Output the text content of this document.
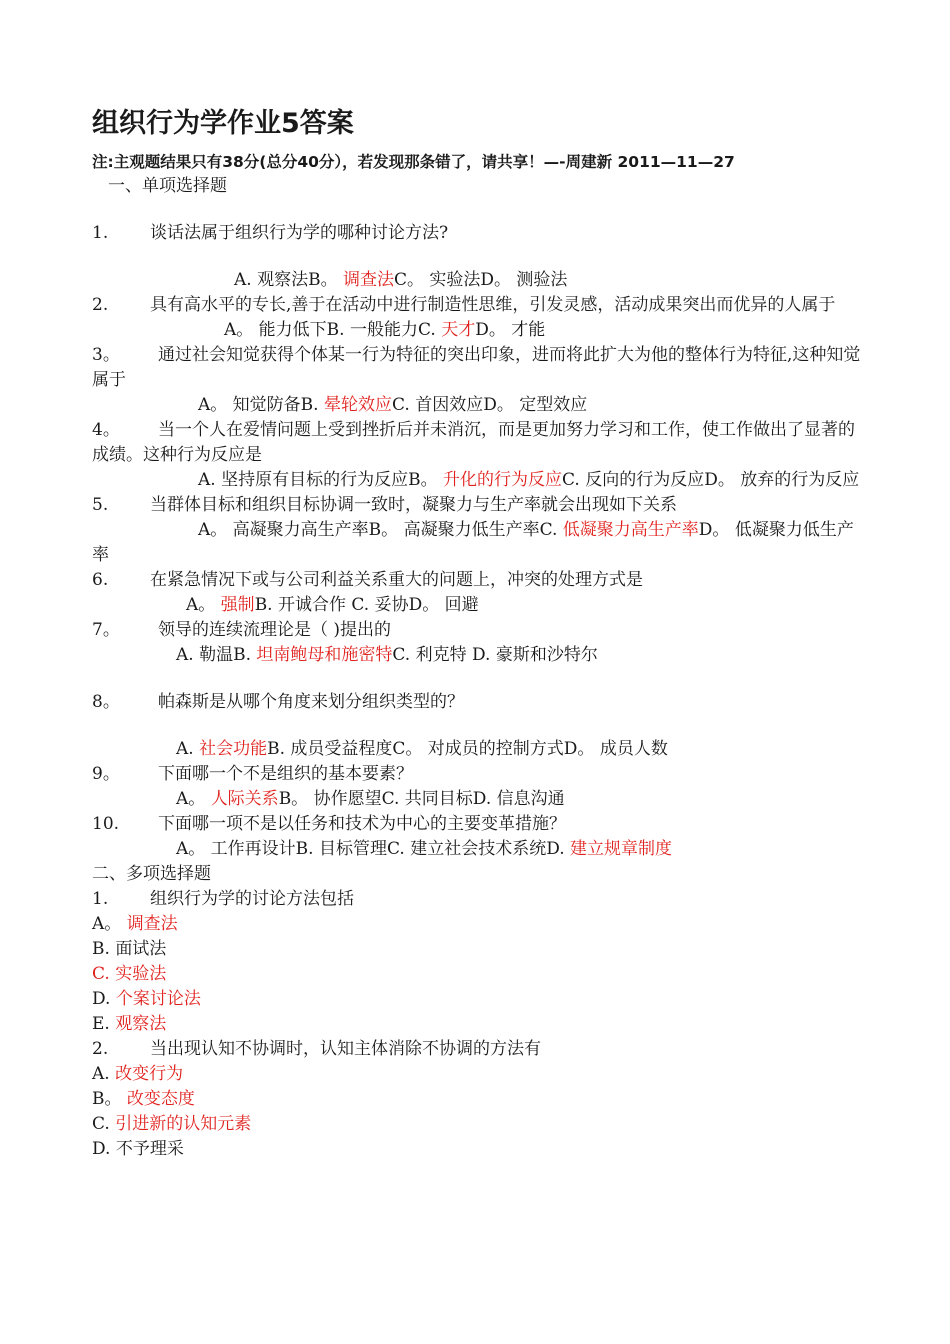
组织行为学作业5答案

注:主观题结果只有38分(总分40分），若发现那条错了，请共享！—-周建新 2011—11—27

一、单项选择题

1. 谈话法属于组织行为学的哪种讨论方法?

A. 观察法B。 调查法C。 实验法D。 测验法

2. 具有高水平的专长,善于在活动中进行制造性思维，引发灵感，活动成果突出而优异的人属于

A。 能力低下B. 一般能力C. 天才D。 才能

3。 通过社会知觉获得个体某一行为特征的突出印象，进而将此扩大为他的整体行为特征,这种知觉属于

A。 知觉防备B. 晕轮效应C. 首因效应D。 定型效应

4。 当一个人在爱情问题上受到挫折后并未消沉，而是更加努力学习和工作，使工作做出了显著的成绩。这种行为反应是

A. 坚持原有目标的行为反应B。 升化的行为反应C. 反向的行为反应D。 放弃的行为反应

5. 当群体目标和组织目标协调一致时，凝聚力与生产率就会出现如下关系

A。 高凝聚力高生产率B。 高凝聚力低生产率C. 低凝聚力高生产率D。 低凝聚力低生产率

6. 在紧急情况下或与公司利益关系重大的问题上，冲突的处理方式是

A。 强制B. 开诚合作 C. 妥协D。 回避

7。 领导的连续流理论是（ )提出的

A. 勒温B. 坦南鲍母和施密特C. 利克特 D. 豪斯和沙特尔

8。 帕森斯是从哪个角度来划分组织类型的？

A. 社会功能B. 成员受益程度C。 对成员的控制方式D。 成员人数

9。 下面哪一个不是组织的基本要素？

A。 人际关系B。 协作愿望C. 共同目标D. 信息沟通

10. 下面哪一项不是以任务和技术为中心的主要变革措施？

A。 工作再设计B. 目标管理C. 建立社会技术系统D. 建立规章制度

二、多项选择题

1. 组织行为学的讨论方法包括

A。 调查法

B. 面试法

C. 实验法

D. 个案讨论法

E. 观察法

2. 当出现认知不协调时，认知主体消除不协调的方法有

A. 改变行为

B。 改变态度

C. 引进新的认知元素

D. 不予理采
